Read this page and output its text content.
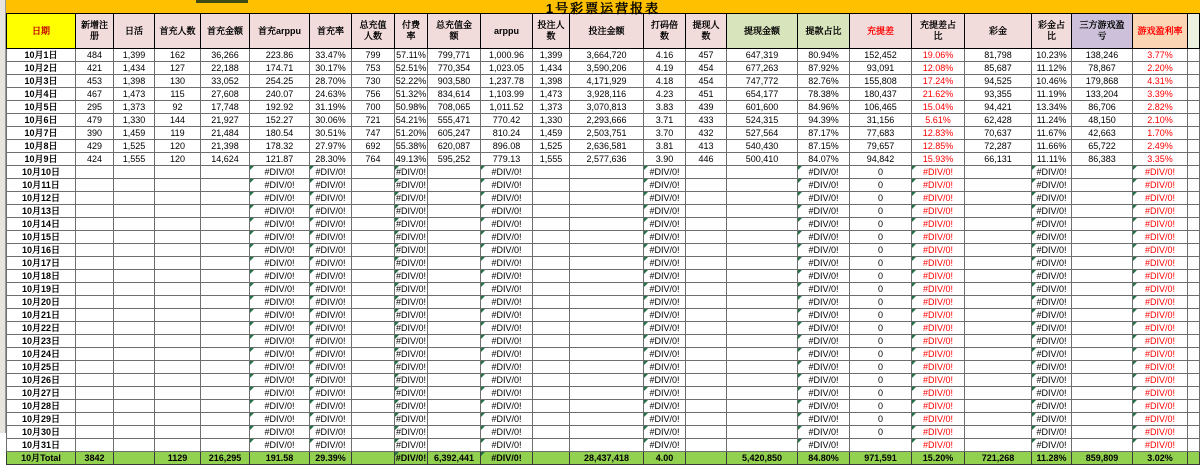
1号彩票运营报表
日期	新增注册	日活	首充人数	首充金额	首充arppu	首充率	总充值人数	付费率	总充值金额	arppu	投注人数	投注金额	打码倍数	提现人数	提现金额	提款占比	充提差	充提差占比	彩金	彩金占比	三方游戏盈亏	游戏盈利率	
10月1日	484	1,399	162	36,266	223.86	33.47%	799	57.11%	799,771	1,000.96	1,399	3,664,720	4.16	457	647,319	80.94%	152,452	19.06%	81,798	10.23%	138,246	3.77%	
10月2日	421	1,434	127	22,188	174.71	30.17%	753	52.51%	770,354	1,023.05	1,434	3,590,206	4.19	454	677,263	87.92%	93,091	12.08%	85,687	11.12%	78,867	2.20%	
10月3日	453	1,398	130	33,052	254.25	28.70%	730	52.22%	903,580	1,237.78	1,398	4,171,929	4.18	454	747,772	82.76%	155,808	17.24%	94,525	10.46%	179,868	4.31%	
10月4日	467	1,473	115	27,608	240.07	24.63%	756	51.32%	834,614	1,103.99	1,473	3,928,116	4.23	451	654,177	78.38%	180,437	21.62%	93,355	11.19%	133,204	3.39%	
10月5日	295	1,373	92	17,748	192.92	31.19%	700	50.98%	708,065	1,011.52	1,373	3,070,813	3.83	439	601,600	84.96%	106,465	15.04%	94,421	13.34%	86,706	2.82%	
10月6日	479	1,330	144	21,927	152.27	30.06%	721	54.21%	555,471	770.42	1,330	2,293,666	3.71	433	524,315	94.39%	31,156	5.61%	62,428	11.24%	48,150	2.10%	
10月7日	390	1,459	119	21,484	180.54	30.51%	747	51.20%	605,247	810.24	1,459	2,503,751	3.70	432	527,564	87.17%	77,683	12.83%	70,637	11.67%	42,663	1.70%	
10月8日	429	1,525	120	21,398	178.32	27.97%	692	55.38%	620,087	896.08	1,525	2,636,581	3.81	413	540,430	87.15%	79,657	12.85%	72,287	11.66%	65,722	2.49%	
10月9日	424	1,555	120	14,624	121.87	28.30%	764	49.13%	595,252	779.13	1,555	2,577,636	3.90	446	500,410	84.07%	94,842	15.93%	66,131	11.11%	86,383	3.35%	
10月10日					#DIV/0!	#DIV/0!		#DIV/0!		#DIV/0!			#DIV/0!			#DIV/0!	0	#DIV/0!		#DIV/0!		#DIV/0!	
10月11日					#DIV/0!	#DIV/0!		#DIV/0!		#DIV/0!			#DIV/0!			#DIV/0!	0	#DIV/0!		#DIV/0!		#DIV/0!	
10月12日					#DIV/0!	#DIV/0!		#DIV/0!		#DIV/0!			#DIV/0!			#DIV/0!	0	#DIV/0!		#DIV/0!		#DIV/0!	
10月13日					#DIV/0!	#DIV/0!		#DIV/0!		#DIV/0!			#DIV/0!			#DIV/0!	0	#DIV/0!		#DIV/0!		#DIV/0!	
10月14日					#DIV/0!	#DIV/0!		#DIV/0!		#DIV/0!			#DIV/0!			#DIV/0!	0	#DIV/0!		#DIV/0!		#DIV/0!	
10月15日					#DIV/0!	#DIV/0!		#DIV/0!		#DIV/0!			#DIV/0!			#DIV/0!	0	#DIV/0!		#DIV/0!		#DIV/0!	
10月16日					#DIV/0!	#DIV/0!		#DIV/0!		#DIV/0!			#DIV/0!			#DIV/0!	0	#DIV/0!		#DIV/0!		#DIV/0!	
10月17日					#DIV/0!	#DIV/0!		#DIV/0!		#DIV/0!			#DIV/0!			#DIV/0!	0	#DIV/0!		#DIV/0!		#DIV/0!	
10月18日					#DIV/0!	#DIV/0!		#DIV/0!		#DIV/0!			#DIV/0!			#DIV/0!	0	#DIV/0!		#DIV/0!		#DIV/0!	
10月19日					#DIV/0!	#DIV/0!		#DIV/0!		#DIV/0!			#DIV/0!			#DIV/0!	0	#DIV/0!		#DIV/0!		#DIV/0!	
10月20日					#DIV/0!	#DIV/0!		#DIV/0!		#DIV/0!			#DIV/0!			#DIV/0!	0	#DIV/0!		#DIV/0!		#DIV/0!	
10月21日					#DIV/0!	#DIV/0!		#DIV/0!		#DIV/0!			#DIV/0!			#DIV/0!	0	#DIV/0!		#DIV/0!		#DIV/0!	
10月22日					#DIV/0!	#DIV/0!		#DIV/0!		#DIV/0!			#DIV/0!			#DIV/0!	0	#DIV/0!		#DIV/0!		#DIV/0!	
10月23日					#DIV/0!	#DIV/0!		#DIV/0!		#DIV/0!			#DIV/0!			#DIV/0!	0	#DIV/0!		#DIV/0!		#DIV/0!	
10月24日					#DIV/0!	#DIV/0!		#DIV/0!		#DIV/0!			#DIV/0!			#DIV/0!	0	#DIV/0!		#DIV/0!		#DIV/0!	
10月25日					#DIV/0!	#DIV/0!		#DIV/0!		#DIV/0!			#DIV/0!			#DIV/0!	0	#DIV/0!		#DIV/0!		#DIV/0!	
10月26日					#DIV/0!	#DIV/0!		#DIV/0!		#DIV/0!			#DIV/0!			#DIV/0!	0	#DIV/0!		#DIV/0!		#DIV/0!	
10月27日					#DIV/0!	#DIV/0!		#DIV/0!		#DIV/0!			#DIV/0!			#DIV/0!	0	#DIV/0!		#DIV/0!		#DIV/0!	
10月28日					#DIV/0!	#DIV/0!		#DIV/0!		#DIV/0!			#DIV/0!			#DIV/0!	0	#DIV/0!		#DIV/0!		#DIV/0!	
10月29日					#DIV/0!	#DIV/0!		#DIV/0!		#DIV/0!			#DIV/0!			#DIV/0!	0	#DIV/0!		#DIV/0!		#DIV/0!	
10月30日					#DIV/0!	#DIV/0!		#DIV/0!		#DIV/0!			#DIV/0!			#DIV/0!	0	#DIV/0!		#DIV/0!		#DIV/0!	
10月31日					#DIV/0!	#DIV/0!		#DIV/0!		#DIV/0!			#DIV/0!			#DIV/0!		#DIV/0!		#DIV/0!		#DIV/0!	
10月Total	3842		1129	216,295	191.58	29.39%		#DIV/0!	6,392,441	#DIV/0!		28,437,418	4.00		5,420,850	84.80%	971,591	15.20%	721,268	11.28%	859,809	3.02%	
